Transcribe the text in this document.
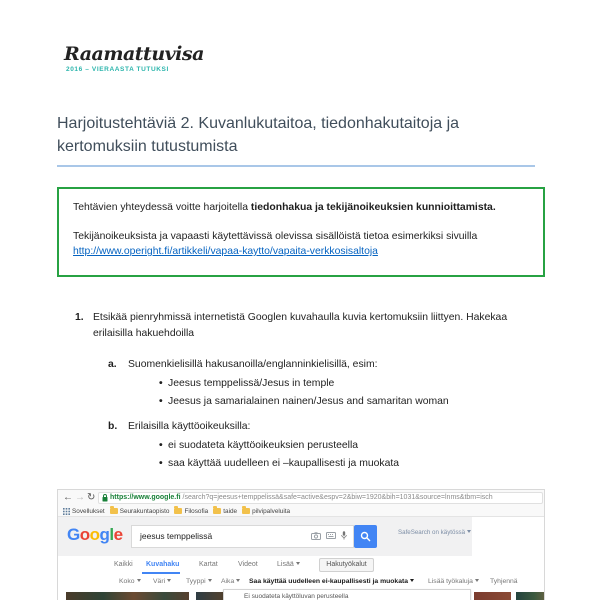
Raamattuvisa
2016 – VIERAASTA TUTUKSI
Harjoitustehtäviä 2. Kuvanlukutaitoa, tiedonhakutaitoja ja kertomuksiin tutustumista

Tehtävien yhteydessä voitte harjoitella tiedonhakua ja tekijänoikeuksien kunnioittamista.

Tekijänoikeuksista ja vapaasti käytettävissä olevissa sisällöistä tietoa esimerkiksi sivuilla

http://www.operight.fi/artikkeli/vapaa-kaytto/vapaita-verkkosisaltoja
1. Etsikää pienryhmissä internetistä Googlen kuvahaulla kuvia kertomuksiin liittyen. Hakekaa erilaisilla hakuehdoilla
a.	Suomenkielisillä hakusanoilla/englanninkielisillä, esim:
• Jeesus temppelissä/Jesus in temple
• Jeesus ja samarialainen nainen/Jesus and samaritan woman
b.	Erilaisilla käyttöoikeuksilla:
• ei suodateta käyttöoikeuksien perusteella
• saa käyttää uudelleen ei –kaupallisesti ja muokata
← → ↻ https://www.google.fi /search?q=jeesus+temppelissä&safe=active&espv=2&biw=1920&bih=1031&source=lnms&tbm=isch
Sovellukset Seurakuntaopisto Filosofia taide pilvipalveluita
Google	jeesus temppelissä	SafeSearch on käytössä
Kaikki Kuvahaku	Kartat	Videot	Lisää	Hakutyökalut
Koko	Väri	Tyyppi	Aika	Saa käyttää uudelleen ei-kaupallisesti ja muokata	Lisää työkaluja	Tyhjennä
Ei suodateta käyttöluvan perusteella
